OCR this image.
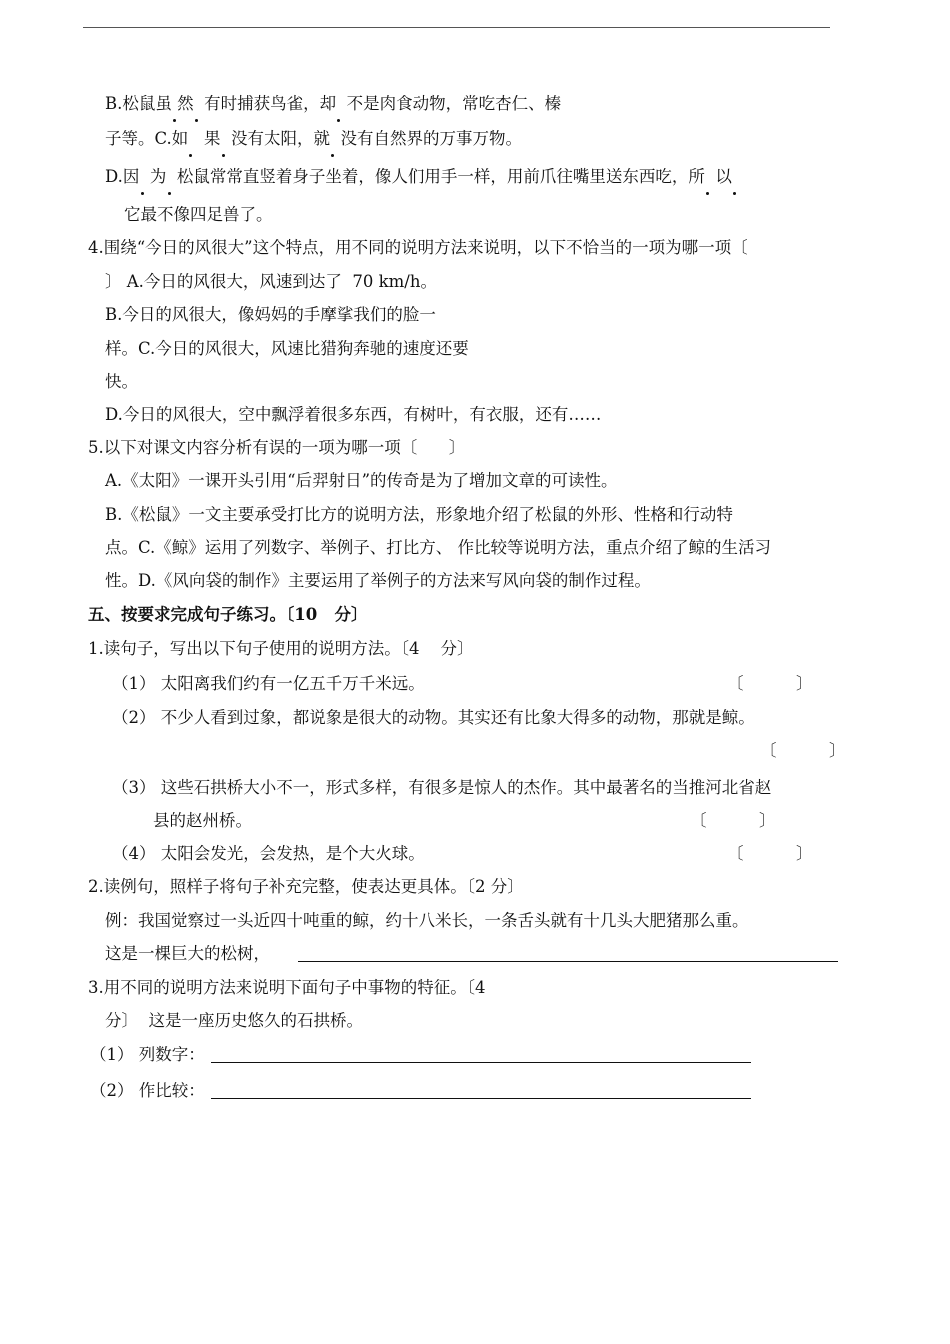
B.松鼠虽 然  有时捕获鸟雀，却  不是肉食动物，常吃杏仁、榛
子等。C.如   果  没有太阳，就  没有自然界的万事万物。
D.因  为  松鼠常常直竖着身子坐着，像人们用手一样，用前爪往嘴里送东西吃，所  以
它最不像四足兽了。
4.围绕“今日的风很大”这个特点，用不同的说明方法来说明，以下不恰当的一项为哪一项〔
〕 A.今日的风很大，风速到达了  70 km/h。
B.今日的风很大，像妈妈的手摩挲我们的脸一
样。C.今日的风很大，风速比猎狗奔驰的速度还要
快。
D.今日的风很大，空中飘浮着很多东西，有树叶，有衣服，还有……
5.以下对课文内容分析有误的一项为哪一项〔      〕
A.《太阳》一课开头引用“后羿射日”的传奇是为了增加文章的可读性。
B.《松鼠》一文主要承受打比方的说明方法，形象地介绍了松鼠的外形、性格和行动特
点。C.《鲸》运用了列数字、举例子、打比方、 作比较等说明方法，重点介绍了鲸的生活习
性。D.《风向袋的制作》主要运用了举例子的方法来写风向袋的制作过程。
五、按要求完成句子练习。〔10   分〕
1.读句子，写出以下句子使用的说明方法。〔4    分〕
（1） 太阳离我们约有一亿五千万千米远。	〔          〕
（2） 不少人看到过象，都说象是很大的动物。其实还有比象大得多的动物，那就是鲸。
〔          〕
（3） 这些石拱桥大小不一，形式多样，有很多是惊人的杰作。其中最著名的当推河北省赵
县的赵州桥。	〔          〕
（4） 太阳会发光，会发热，是个大火球。	〔          〕
2.读例句，照样子将句子补充完整，使表达更具体。〔2 分〕
例：我国觉察过一头近四十吨重的鲸，约十八米长，一条舌头就有十几头大肥猪那么重。
这是一棵巨大的松树，
3.用不同的说明方法来说明下面句子中事物的特征。〔4
分〕  这是一座历史悠久的石拱桥。
（1） 列数字：
（2） 作比较：
